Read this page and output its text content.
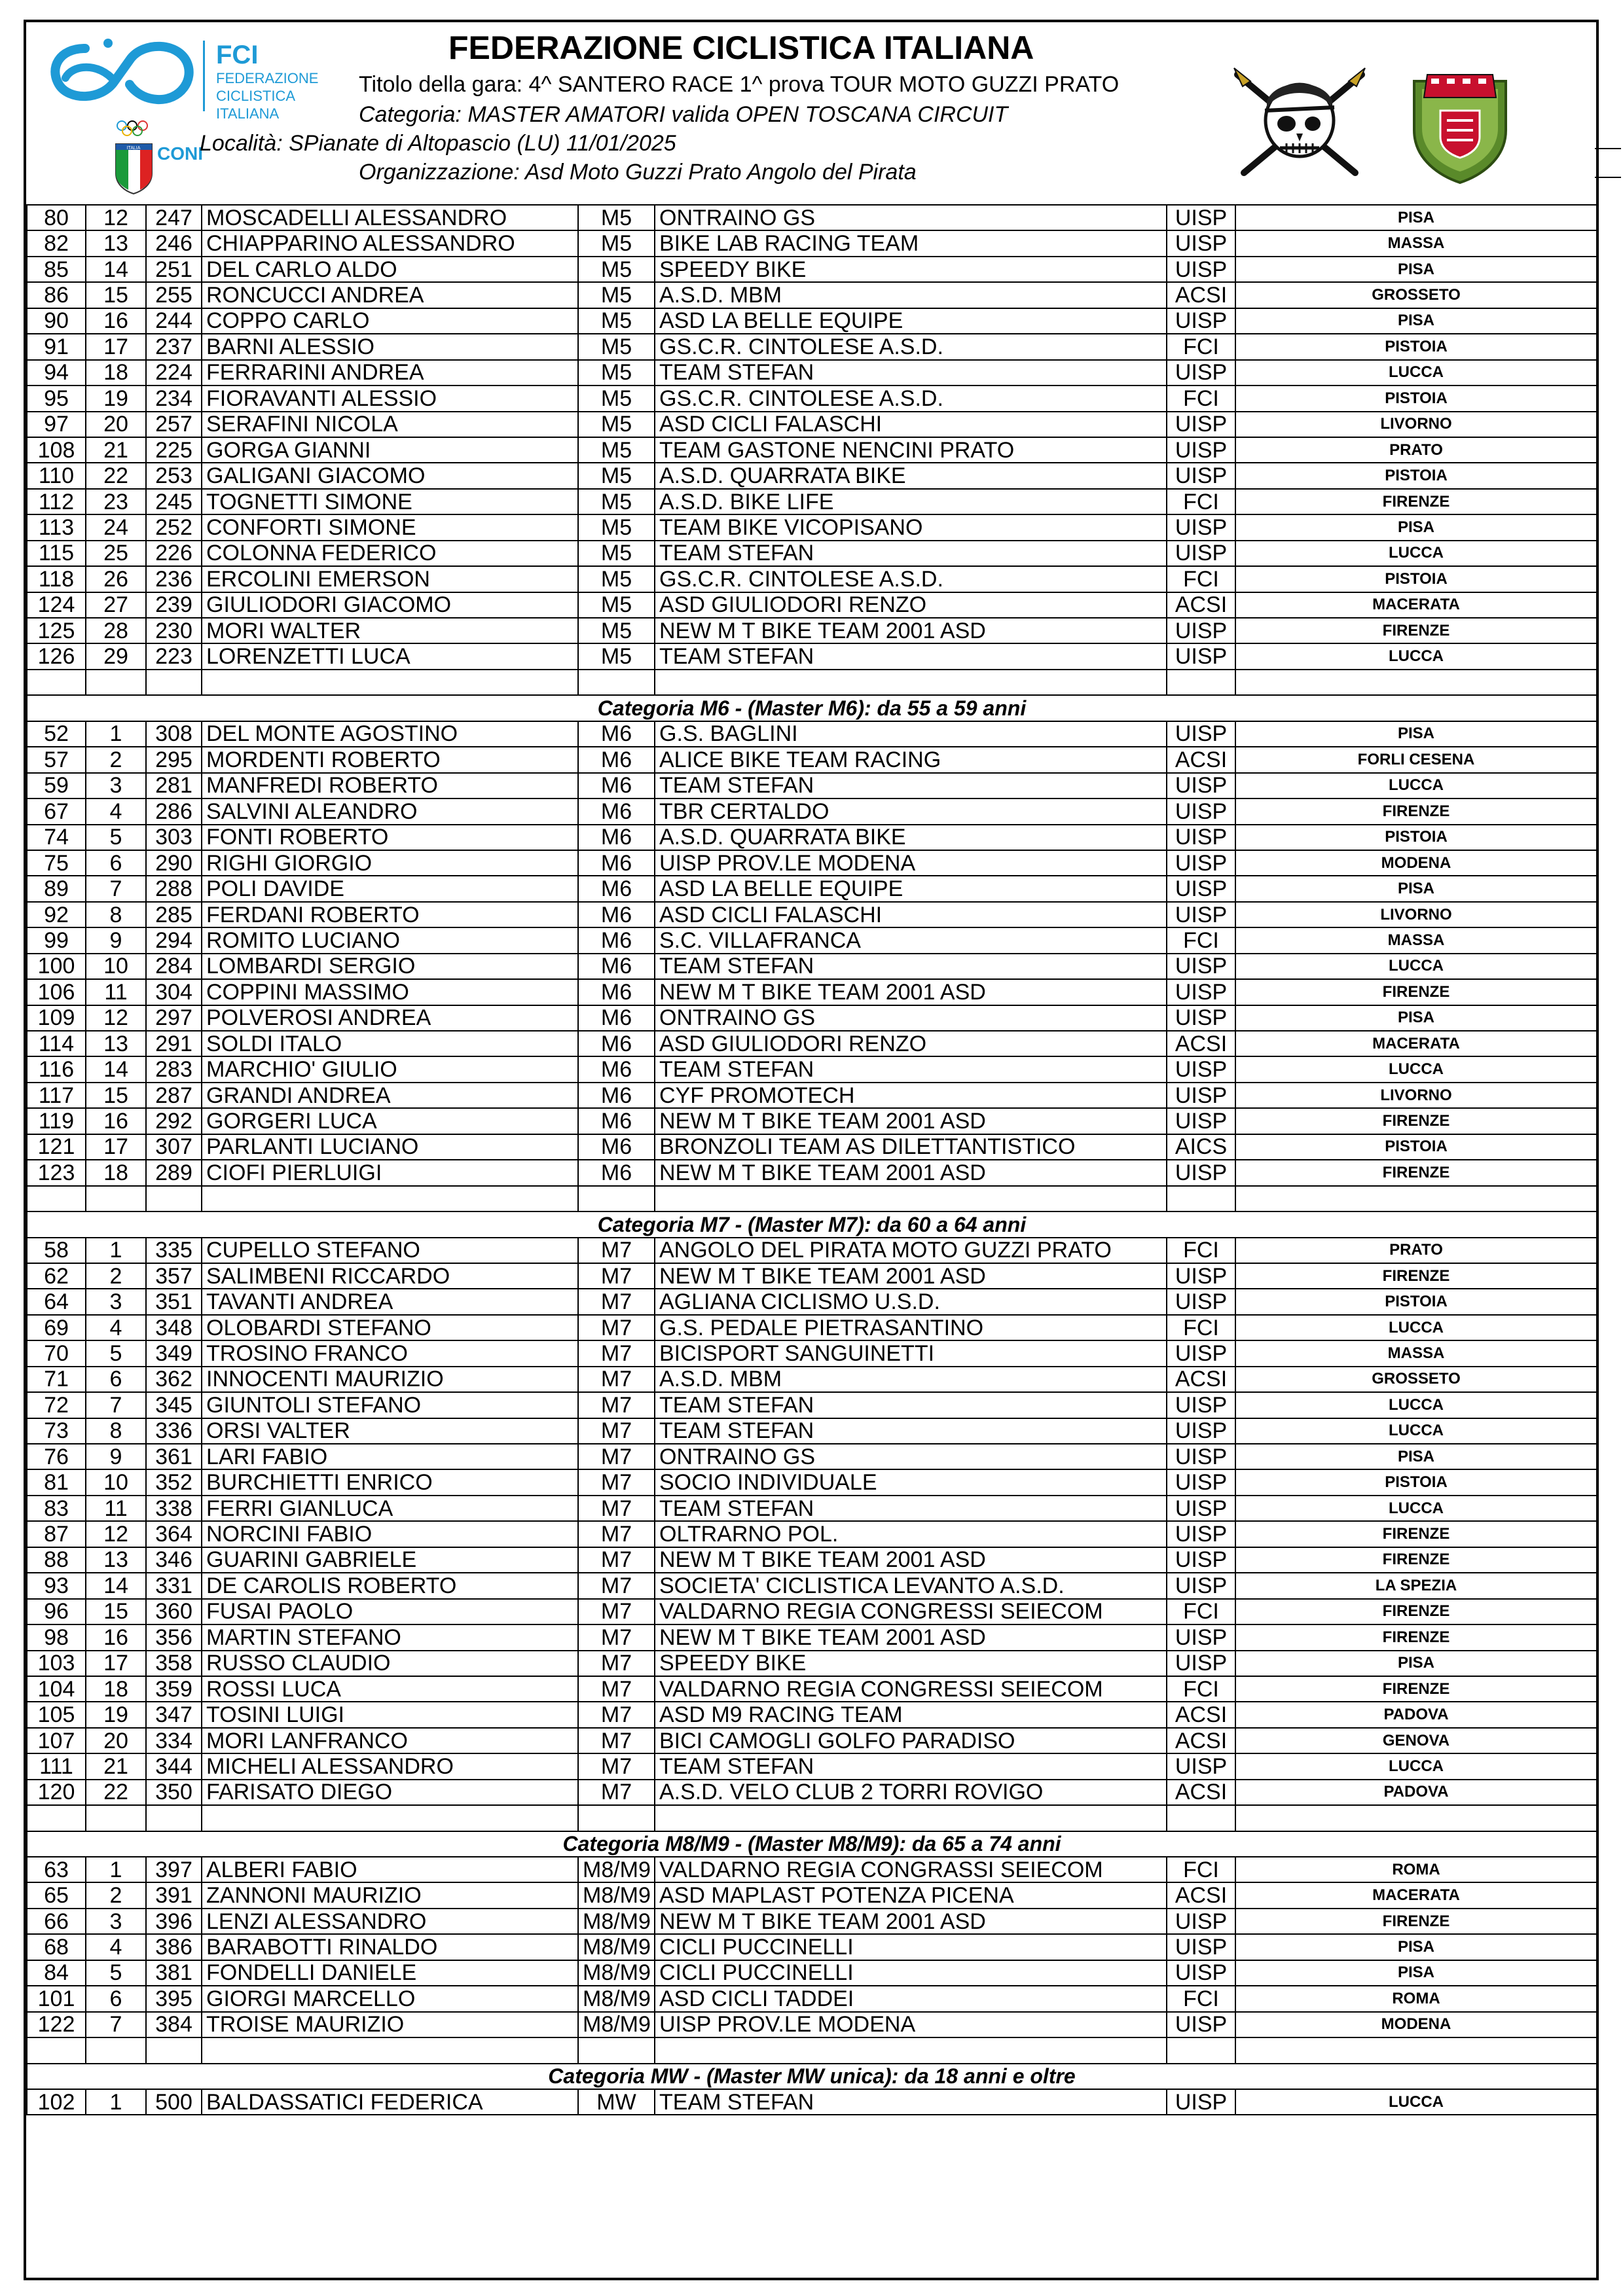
FCI
FEDERAZIONE
CICLISTICA
ITALIANA
ITALIA CONI
FEDERAZIONE CICLISTICA ITALIANA
Titolo della gara: 4^ SANTERO RACE 1^ prova TOUR MOTO GUZZI PRATO
Categoria: MASTER AMATORI valida OPEN TOSCANA CIRCUIT
Località: SPianate di Altopascio (LU) 11/01/2025
Organizzazione: Asd Moto Guzzi Prato Angolo del Pirata
80	12	247	MOSCADELLI ALESSANDRO	M5	ONTRAINO GS	UISP	PISA
82	13	246	CHIAPPARINO ALESSANDRO	M5	BIKE LAB RACING TEAM	UISP	MASSA
85	14	251	DEL CARLO ALDO	M5	SPEEDY BIKE	UISP	PISA
86	15	255	RONCUCCI ANDREA	M5	A.S.D. MBM	ACSI	GROSSETO
90	16	244	COPPO CARLO	M5	ASD LA BELLE EQUIPE	UISP	PISA
91	17	237	BARNI ALESSIO	M5	GS.C.R. CINTOLESE A.S.D.	FCI	PISTOIA
94	18	224	FERRARINI ANDREA	M5	TEAM STEFAN	UISP	LUCCA
95	19	234	FIORAVANTI ALESSIO	M5	GS.C.R. CINTOLESE A.S.D.	FCI	PISTOIA
97	20	257	SERAFINI NICOLA	M5	ASD CICLI FALASCHI	UISP	LIVORNO
108	21	225	GORGA GIANNI	M5	TEAM GASTONE NENCINI PRATO	UISP	PRATO
110	22	253	GALIGANI GIACOMO	M5	A.S.D. QUARRATA BIKE	UISP	PISTOIA
112	23	245	TOGNETTI SIMONE	M5	A.S.D. BIKE LIFE	FCI	FIRENZE
113	24	252	CONFORTI SIMONE	M5	TEAM BIKE VICOPISANO	UISP	PISA
115	25	226	COLONNA FEDERICO	M5	TEAM STEFAN	UISP	LUCCA
118	26	236	ERCOLINI EMERSON	M5	GS.C.R. CINTOLESE A.S.D.	FCI	PISTOIA
124	27	239	GIULIODORI GIACOMO	M5	ASD GIULIODORI RENZO	ACSI	MACERATA
125	28	230	MORI WALTER	M5	NEW M T BIKE TEAM 2001 ASD	UISP	FIRENZE
126	29	223	LORENZETTI LUCA	M5	TEAM STEFAN	UISP	LUCCA

Categoria M6 - (Master M6): da 55 a 59 anni							
52	1	308	DEL MONTE AGOSTINO	M6	G.S. BAGLINI	UISP	PISA
57	2	295	MORDENTI ROBERTO	M6	ALICE BIKE TEAM RACING	ACSI	FORLI CESENA
59	3	281	MANFREDI ROBERTO	M6	TEAM STEFAN	UISP	LUCCA
67	4	286	SALVINI ALEANDRO	M6	TBR CERTALDO	UISP	FIRENZE
74	5	303	FONTI ROBERTO	M6	A.S.D. QUARRATA BIKE	UISP	PISTOIA
75	6	290	RIGHI GIORGIO	M6	UISP PROV.LE MODENA	UISP	MODENA
89	7	288	POLI DAVIDE	M6	ASD LA BELLE EQUIPE	UISP	PISA
92	8	285	FERDANI ROBERTO	M6	ASD CICLI FALASCHI	UISP	LIVORNO
99	9	294	ROMITO LUCIANO	M6	S.C. VILLAFRANCA	FCI	MASSA
100	10	284	LOMBARDI SERGIO	M6	TEAM STEFAN	UISP	LUCCA
106	11	304	COPPINI MASSIMO	M6	NEW M T BIKE TEAM 2001 ASD	UISP	FIRENZE
109	12	297	POLVEROSI ANDREA	M6	ONTRAINO GS	UISP	PISA
114	13	291	SOLDI ITALO	M6	ASD GIULIODORI RENZO	ACSI	MACERATA
116	14	283	MARCHIO' GIULIO	M6	TEAM STEFAN	UISP	LUCCA
117	15	287	GRANDI ANDREA	M6	CYF PROMOTECH	UISP	LIVORNO
119	16	292	GORGERI LUCA	M6	NEW M T BIKE TEAM 2001 ASD	UISP	FIRENZE
121	17	307	PARLANTI LUCIANO	M6	BRONZOLI TEAM AS DILETTANTISTICO	AICS	PISTOIA
123	18	289	CIOFI PIERLUIGI	M6	NEW M T BIKE TEAM 2001 ASD	UISP	FIRENZE

Categoria M7 - (Master M7): da 60 a 64 anni							
58	1	335	CUPELLO STEFANO	M7	ANGOLO DEL PIRATA MOTO GUZZI PRATO	FCI	PRATO
62	2	357	SALIMBENI RICCARDO	M7	NEW M T BIKE TEAM 2001 ASD	UISP	FIRENZE
64	3	351	TAVANTI ANDREA	M7	AGLIANA CICLISMO U.S.D.	UISP	PISTOIA
69	4	348	OLOBARDI STEFANO	M7	G.S. PEDALE PIETRASANTINO	FCI	LUCCA
70	5	349	TROSINO FRANCO	M7	BICISPORT SANGUINETTI	UISP	MASSA
71	6	362	INNOCENTI MAURIZIO	M7	A.S.D. MBM	ACSI	GROSSETO
72	7	345	GIUNTOLI STEFANO	M7	TEAM STEFAN	UISP	LUCCA
73	8	336	ORSI VALTER	M7	TEAM STEFAN	UISP	LUCCA
76	9	361	LARI FABIO	M7	ONTRAINO GS	UISP	PISA
81	10	352	BURCHIETTI ENRICO	M7	SOCIO INDIVIDUALE	UISP	PISTOIA
83	11	338	FERRI GIANLUCA	M7	TEAM STEFAN	UISP	LUCCA
87	12	364	NORCINI FABIO	M7	OLTRARNO POL.	UISP	FIRENZE
88	13	346	GUARINI GABRIELE	M7	NEW M T BIKE TEAM 2001 ASD	UISP	FIRENZE
93	14	331	DE CAROLIS ROBERTO	M7	SOCIETA' CICLISTICA LEVANTO A.S.D.	UISP	LA SPEZIA
96	15	360	FUSAI PAOLO	M7	VALDARNO REGIA CONGRESSI SEIECOM	FCI	FIRENZE
98	16	356	MARTIN STEFANO	M7	NEW M T BIKE TEAM 2001 ASD	UISP	FIRENZE
103	17	358	RUSSO CLAUDIO	M7	SPEEDY BIKE	UISP	PISA
104	18	359	ROSSI LUCA	M7	VALDARNO REGIA CONGRESSI SEIECOM	FCI	FIRENZE
105	19	347	TOSINI LUIGI	M7	ASD M9 RACING TEAM	ACSI	PADOVA
107	20	334	MORI LANFRANCO	M7	BICI CAMOGLI GOLFO PARADISO	ACSI	GENOVA
111	21	344	MICHELI ALESSANDRO	M7	TEAM STEFAN	UISP	LUCCA
120	22	350	FARISATO DIEGO	M7	A.S.D. VELO CLUB 2 TORRI ROVIGO	ACSI	PADOVA

Categoria M8/M9 - (Master M8/M9): da 65 a 74 anni							
63	1	397	ALBERI FABIO	M8/M9	VALDARNO REGIA CONGRASSI SEIECOM	FCI	ROMA
65	2	391	ZANNONI MAURIZIO	M8/M9	ASD MAPLAST POTENZA PICENA	ACSI	MACERATA
66	3	396	LENZI ALESSANDRO	M8/M9	NEW M T BIKE TEAM 2001 ASD	UISP	FIRENZE
68	4	386	BARABOTTI RINALDO	M8/M9	CICLI PUCCINELLI	UISP	PISA
84	5	381	FONDELLI DANIELE	M8/M9	CICLI PUCCINELLI	UISP	PISA
101	6	395	GIORGI MARCELLO	M8/M9	ASD CICLI TADDEI	FCI	ROMA
122	7	384	TROISE MAURIZIO	M8/M9	UISP PROV.LE MODENA	UISP	MODENA

Categoria MW - (Master MW unica): da 18 anni e oltre							
102	1	500	BALDASSATICI FEDERICA	MW	TEAM STEFAN	UISP	LUCCA
